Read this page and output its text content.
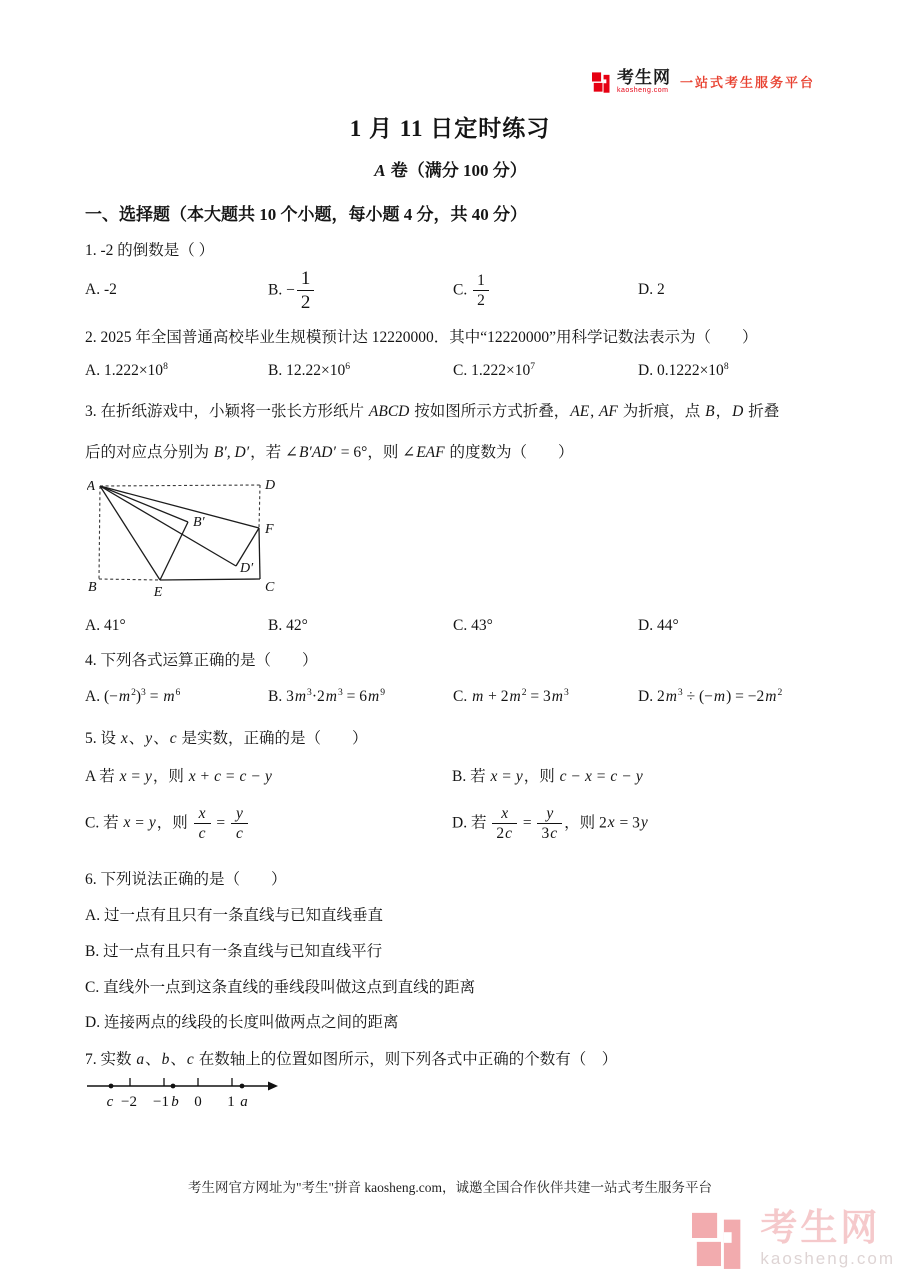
考生网
kaosheng.com
一站式考生服务平台
1 月 11 日定时练习
A 卷（满分 100 分）
一、选择题（本大题共 10 个小题，每小题 4 分，共 40 分）

1. -2 的倒数是（ ）

A. -2	B. − $\frac{1}{2}$	C. $\frac{1}{2}$	D. 2

2. 2025 年全国普通高校毕业生规模预计达 12220000．其中“12220000”用科学记数法表示为（　　）

A. $1.222\times 10^8$	B. $12.22\times 10^6$	C. $1.222\times 10^7$	D. $0.1222\times 10^8$

3. 在折纸游戏中，小颖将一张长方形纸片 ABCD 按如图所示方式折叠，AE, AF 为折痕，点 B，D 折叠

后的对应点分别为 B′, D′，若 ∠B′AD′ = 6°，则 ∠EAF 的度数为（　　）

A	D
B	C
E
F
B′
D′
A. 41°	B. 42°	C. 43°	D. 44°

4. 下列各式运算正确的是（　　）

A. $(-m^2)^3 = m^6$	B. $3m^3\cdot 2m^3 = 6m^9$	C. $m + 2m^2 = 3m^3$	D. $2m^3 \div (-m) = -2m^2$

5. 设 x、y、c 是实数，正确的是（　　）

A 若 x = y，则 x + c = c − y	B. 若 x = y，则 c − x = c − y
C. 若 x = y，则 $\frac{x}{c} = \frac{y}{c}$	D. 若 $\frac{x}{2c} = \frac{y}{3c}$ ，则 2x = 3y

6. 下列说法正确的是（　　）

A. 过一点有且只有一条直线与已知直线垂直

B. 过一点有且只有一条直线与已知直线平行

C. 直线外一点到这条直线的垂线段叫做这点到直线的距离

D. 连接两点的线段的长度叫做两点之间的距离

7. 实数 a、b、c 在数轴上的位置如图所示，则下列各式中正确的个数有（　）

c −2 −1 b 0 1 a
考生网官方网址为"考生"拼音 kaosheng.com，诚邀全国合作伙伴共建一站式考生服务平台
考生网
kaosheng.com
